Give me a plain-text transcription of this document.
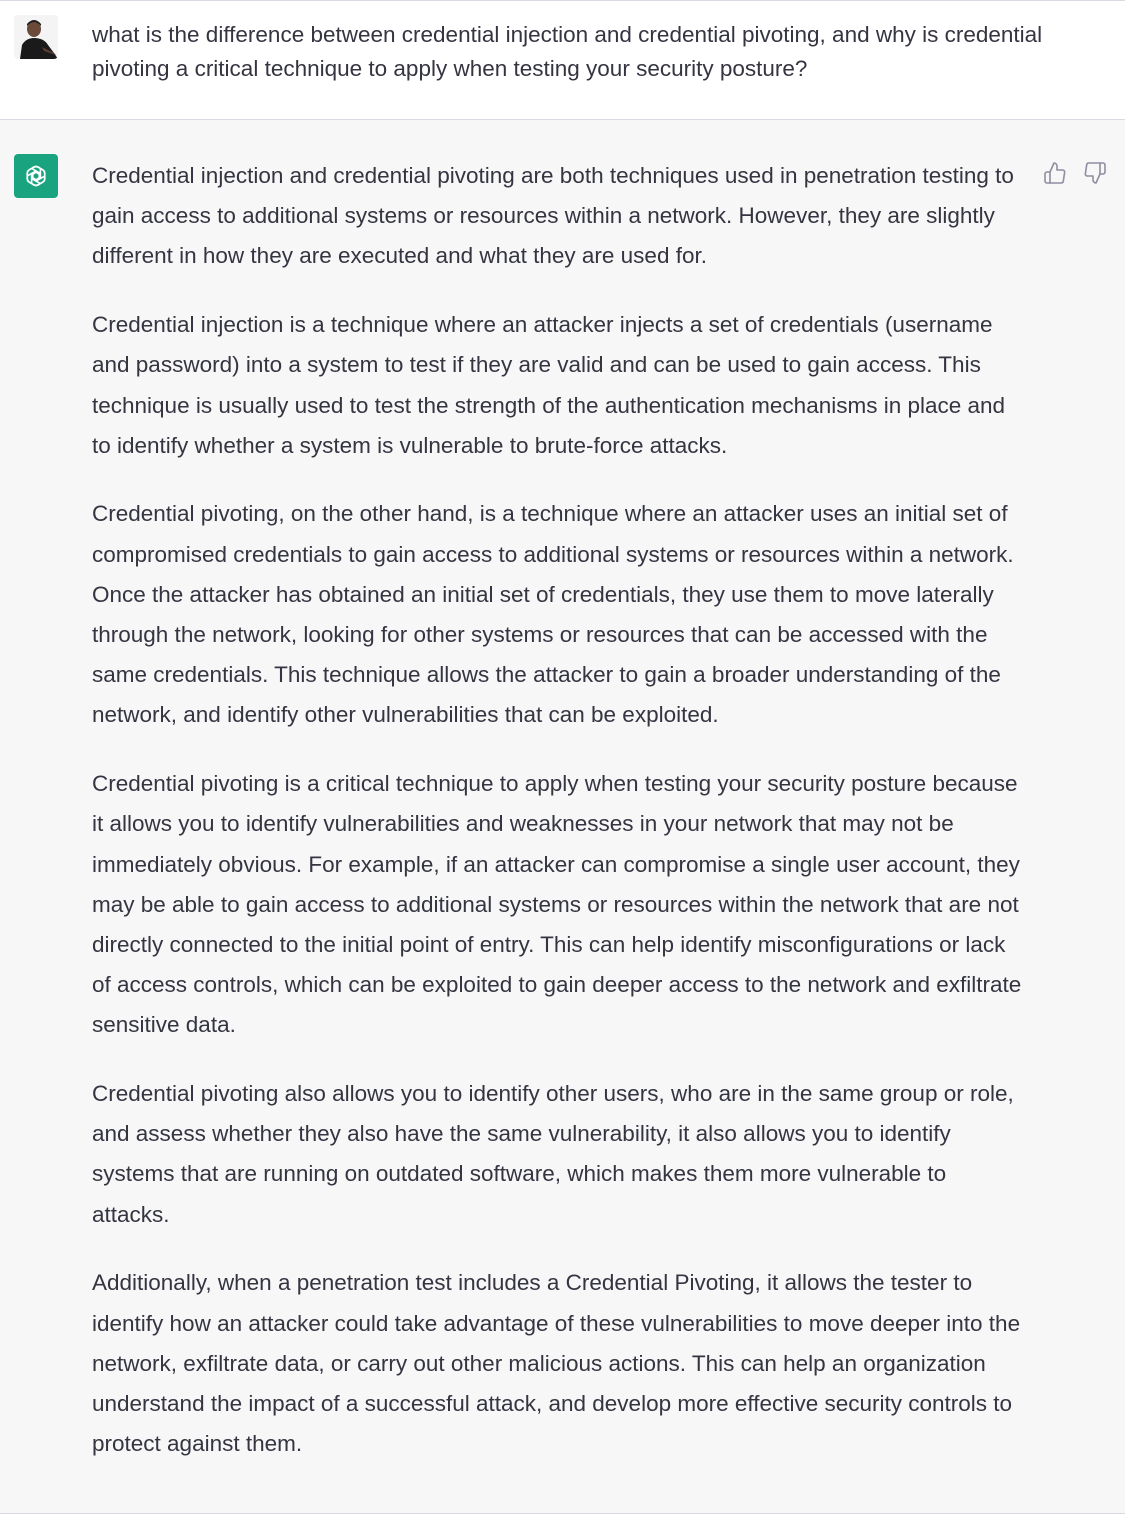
what is the difference between credential injection and credential pivoting, and why is credential pivoting a critical technique to apply when testing your security posture?

Credential injection and credential pivoting are both techniques used in penetration testing to gain access to additional systems or resources within a network. However, they are slightly different in how they are executed and what they are used for.

Credential injection is a technique where an attacker injects a set of credentials (username and password) into a system to test if they are valid and can be used to gain access. This technique is usually used to test the strength of the authentication mechanisms in place and to identify whether a system is vulnerable to brute-force attacks.

Credential pivoting, on the other hand, is a technique where an attacker uses an initial set of compromised credentials to gain access to additional systems or resources within a network. Once the attacker has obtained an initial set of credentials, they use them to move laterally through the network, looking for other systems or resources that can be accessed with the same credentials. This technique allows the attacker to gain a broader understanding of the network, and identify other vulnerabilities that can be exploited.

Credential pivoting is a critical technique to apply when testing your security posture because it allows you to identify vulnerabilities and weaknesses in your network that may not be immediately obvious. For example, if an attacker can compromise a single user account, they may be able to gain access to additional systems or resources within the network that are not directly connected to the initial point of entry. This can help identify misconfigurations or lack of access controls, which can be exploited to gain deeper access to the network and exfiltrate sensitive data.

Credential pivoting also allows you to identify other users, who are in the same group or role, and assess whether they also have the same vulnerability, it also allows you to identify systems that are running on outdated software, which makes them more vulnerable to attacks.

Additionally, when a penetration test includes a Credential Pivoting, it allows the tester to identify how an attacker could take advantage of these vulnerabilities to move deeper into the network, exfiltrate data, or carry out other malicious actions. This can help an organization understand the impact of a successful attack, and develop more effective security controls to protect against them.
